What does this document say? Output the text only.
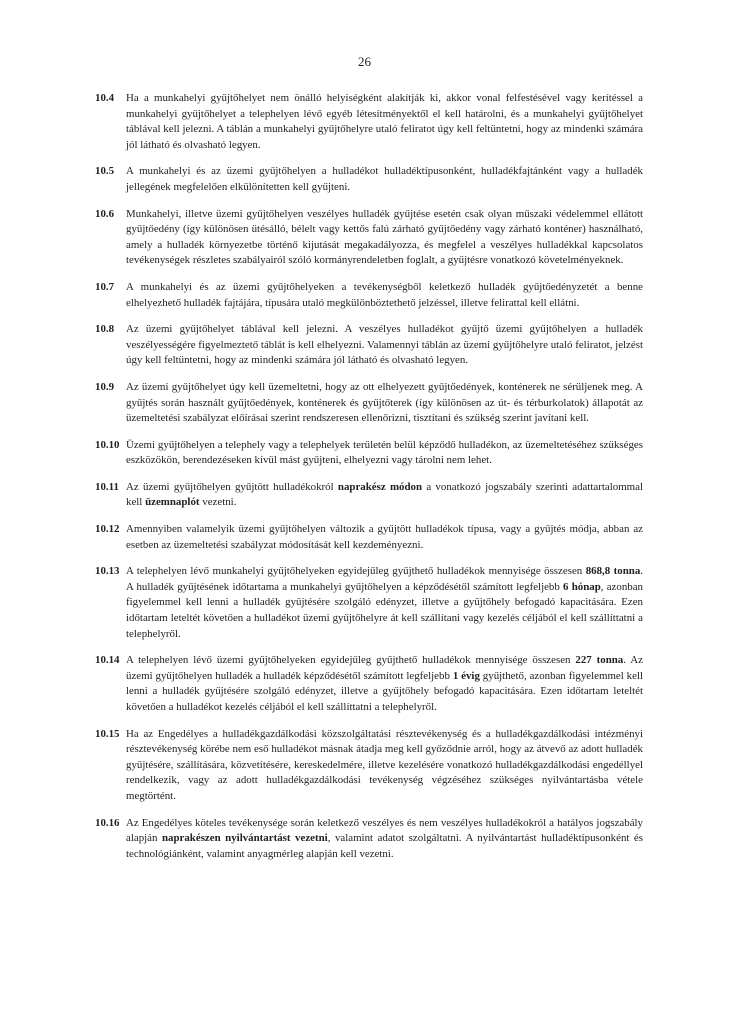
26
10.4	Ha a munkahelyi gyűjtőhelyet nem önálló helyiségként alakítják ki, akkor vonal felfestésével vagy kerítéssel a munkahelyi gyűjtőhelyet a telephelyen lévő egyéb létesítményektől el kell határolni, és a munkahelyi gyűjtőhelyet táblával kell jelezni. A táblán a munkahelyi gyűjtőhelyre utaló feliratot úgy kell feltüntetni, hogy az mindenki számára jól látható és olvasható legyen.
10.5	A munkahelyi és az üzemi gyűjtőhelyen a hulladékot hulladéktípusonként, hulladékfajtánként vagy a hulladék jellegének megfelelően elkülönítetten kell gyűjteni.
10.6	Munkahelyi, illetve üzemi gyűjtőhelyen veszélyes hulladék gyűjtése esetén csak olyan műszaki védelemmel ellátott gyűjtőedény (így különösen ütésálló, bélelt vagy kettős falú zárható gyűjtőedény vagy zárható konténer) használható, amely a hulladék környezetbe történő kijutását megakadályozza, és megfelel a veszélyes hulladékkal kapcsolatos tevékenységek részletes szabályairól szóló kormányrendeletben foglalt, a gyűjtésre vonatkozó követelményeknek.
10.7	A munkahelyi és az üzemi gyűjtőhelyeken a tevékenységből keletkező hulladék gyűjtőedényzetét a benne elhelyezhető hulladék fajtájára, típusára utaló megkülönböztethető jelzéssel, illetve felirattal kell ellátni.
10.8	Az üzemi gyűjtőhelyet táblával kell jelezni. A veszélyes hulladékot gyűjtő üzemi gyűjtőhelyen a hulladék veszélyességére figyelmeztető táblát is kell elhelyezni. Valamennyi táblán az üzemi gyűjtőhelyre utaló feliratot, jelzést úgy kell feltüntetni, hogy az mindenki számára jól látható és olvasható legyen.
10.9	Az üzemi gyűjtőhelyet úgy kell üzemeltetni, hogy az ott elhelyezett gyűjtőedények, konténerek ne sérüljenek meg. A gyűjtés során használt gyűjtőedények, konténerek és gyűjtőterek (így különösen az út- és térburkolatok) állapotát az üzemeltetési szabályzat előírásai szerint rendszeresen ellenőrizni, tisztítani és szükség szerint javítani kell.
10.10 Üzemi gyűjtőhelyen a telephely vagy a telephelyek területén belül képződő hulladékon, az üzemeltetéséhez szükséges eszközökön, berendezéseken kívül mást gyűjteni, elhelyezni vagy tárolni nem lehet.
10.11 Az üzemi gyűjtőhelyen gyűjtött hulladékokról naprakész módon a vonatkozó jogszabály szerinti adattartalommal kell üzemnaplót vezetni.
10.12 Amennyiben valamelyik üzemi gyűjtőhelyen változik a gyűjtött hulladékok típusa, vagy a gyűjtés módja, abban az esetben az üzemeltetési szabályzat módosítását kell kezdeményezni.
10.13 A telephelyen lévő munkahelyi gyűjtőhelyeken egyidejűleg gyűjthető hulladékok mennyisége összesen 868,8 tonna. A hulladék gyűjtésének időtartama a munkahelyi gyűjtőhelyen a képződésétől számított legfeljebb 6 hónap, azonban figyelemmel kell lenni a hulladék gyűjtésére szolgáló edényzet, illetve a gyűjtőhely befogadó kapacitására. Ezen időtartam leteltét követően a hulladékot üzemi gyűjtőhelyre át kell szállítani vagy kezelés céljából el kell szállíttatni a telephelyről.
10.14 A telephelyen lévő üzemi gyűjtőhelyeken egyidejűleg gyűjthető hulladékok mennyisége összesen 227 tonna. Az üzemi gyűjtőhelyen hulladék a hulladék képződésétől számított legfeljebb 1 évig gyűjthető, azonban figyelemmel kell lenni a hulladék gyűjtésére szolgáló edényzet, illetve a gyűjtőhely befogadó kapacitására. Ezen időtartam leteltét követően a hulladékot kezelés céljából el kell szállíttatni a telephelyről.
10.15 Ha az Engedélyes a hulladékgazdálkodási közszolgáltatási résztevékenység és a hulladékgazdálkodási intézményi résztevékenység körébe nem eső hulladékot másnak átadja meg kell győződnie arról, hogy az átvevő az adott hulladék gyűjtésére, szállítására, közvetítésére, kereskedelmére, illetve kezelésére vonatkozó hulladékgazdálkodási engedéllyel rendelkezik, vagy az adott hulladékgazdálkodási tevékenység végzéséhez szükséges nyilvántartásba vétele megtörtént.
10.16 Az Engedélyes köteles tevékenysége során keletkező veszélyes és nem veszélyes hulladékokról a hatályos jogszabály alapján naprakészen nyilvántartást vezetni, valamint adatot szolgáltatni. A nyilvántartást hulladéktípusonként és technológiánként, valamint anyagmérleg alapján kell vezetni.
